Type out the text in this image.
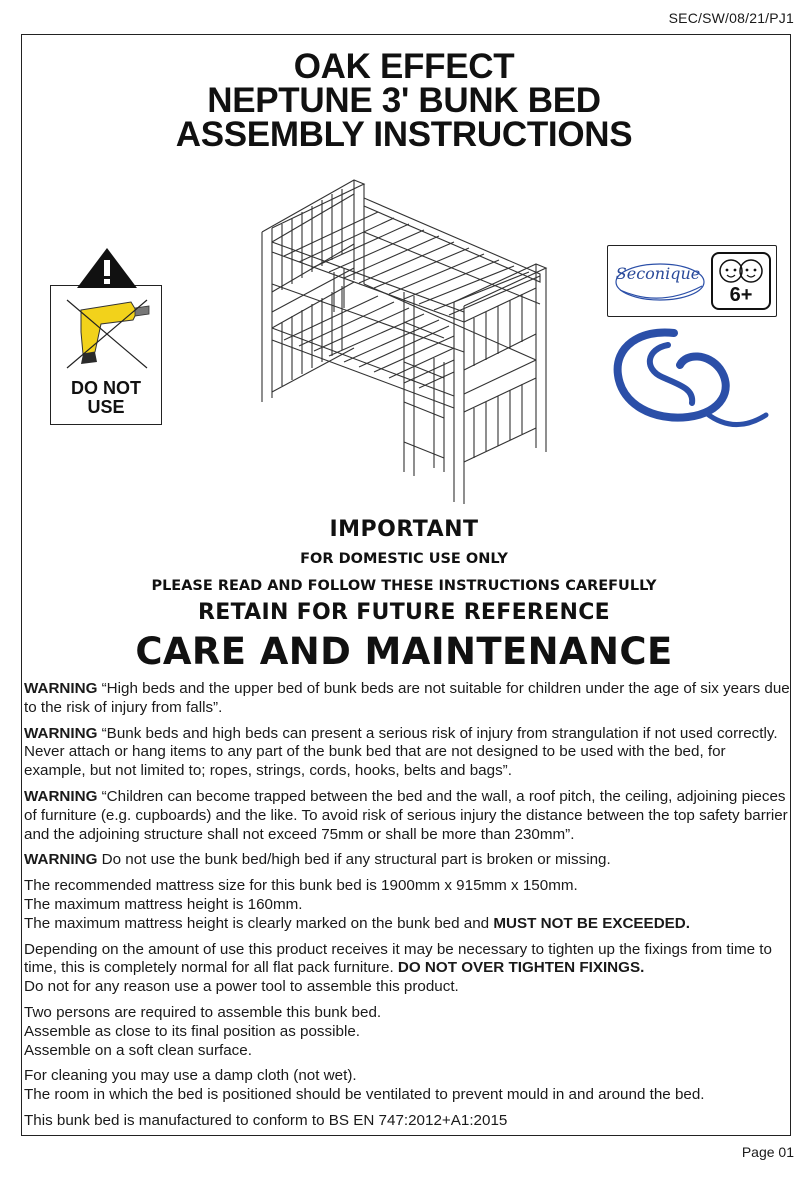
SEC/SW/08/21/PJ1
OAK EFFECT
NEPTUNE 3' BUNK BED
ASSEMBLY INSTRUCTIONS
DO NOT
USE
Seconique
6+
IMPORTANT
FOR DOMESTIC USE ONLY
PLEASE READ AND FOLLOW THESE INSTRUCTIONS CAREFULLY
RETAIN FOR FUTURE REFERENCE
CARE AND MAINTENANCE

WARNING “High beds and the upper bed of bunk beds are not suitable for children under the age of six years due to the risk of injury from falls”.

WARNING “Bunk beds and high beds can present a serious risk of injury from strangulation if not used correctly. Never attach or hang items to any part of the bunk bed that are not designed to be used with the bed, for example, but not limited to; ropes, strings, cords, hooks, belts and bags”.

WARNING “Children can become trapped between the bed and the wall, a roof pitch, the ceiling, adjoining pieces of furniture (e.g. cupboards) and the like. To avoid risk of serious injury the distance between the top safety barrier and the adjoining structure shall not exceed 75mm or shall be more than 230mm”.

WARNING Do not use the bunk bed/high bed if any structural part is broken or missing.

The recommended mattress size for this bunk bed is 1900mm x 915mm x 150mm.
The maximum mattress height is 160mm.
The maximum mattress height is clearly marked on the bunk bed and MUST NOT BE EXCEEDED.

Depending on the amount of use this product receives it may be necessary to tighten up the fixings from time to time, this is completely normal for all flat pack furniture. DO NOT OVER TIGHTEN FIXINGS.
Do not for any reason use a power tool to assemble this product.

Two persons are required to assemble this bunk bed.
Assemble as close to its final position as possible.
Assemble on a soft clean surface.

For cleaning you may use a damp cloth (not wet).
The room in which the bed is positioned should be ventilated to prevent mould in and around the bed.

This bunk bed is manufactured to conform to BS EN 747:2012+A1:2015

Page 01
